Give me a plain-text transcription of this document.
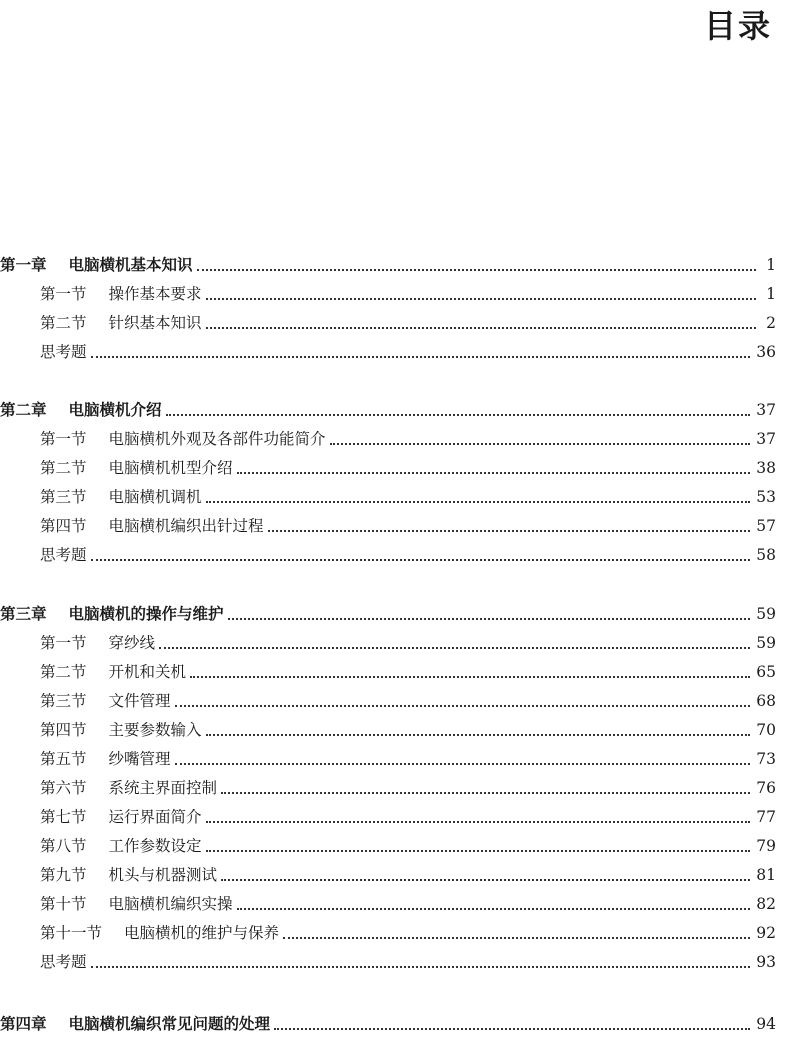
目录
第一章 电脑横机基本知识	1
第一节 操作基本要求	1
第二节 针织基本知识	2
思考题	36
第二章 电脑横机介绍	37
第一节 电脑横机外观及各部件功能简介	37
第二节 电脑横机机型介绍	38
第三节 电脑横机调机	53
第四节 电脑横机编织出针过程	57
思考题	58
第三章 电脑横机的操作与维护	59
第一节 穿纱线	59
第二节 开机和关机	65
第三节 文件管理	68
第四节 主要参数输入	70
第五节 纱嘴管理	73
第六节 系统主界面控制	76
第七节 运行界面简介	77
第八节 工作参数设定	79
第九节 机头与机器测试	81
第十节 电脑横机编织实操	82
第十一节 电脑横机的维护与保养	92
思考题	93
第四章 电脑横机编织常见问题的处理	94
